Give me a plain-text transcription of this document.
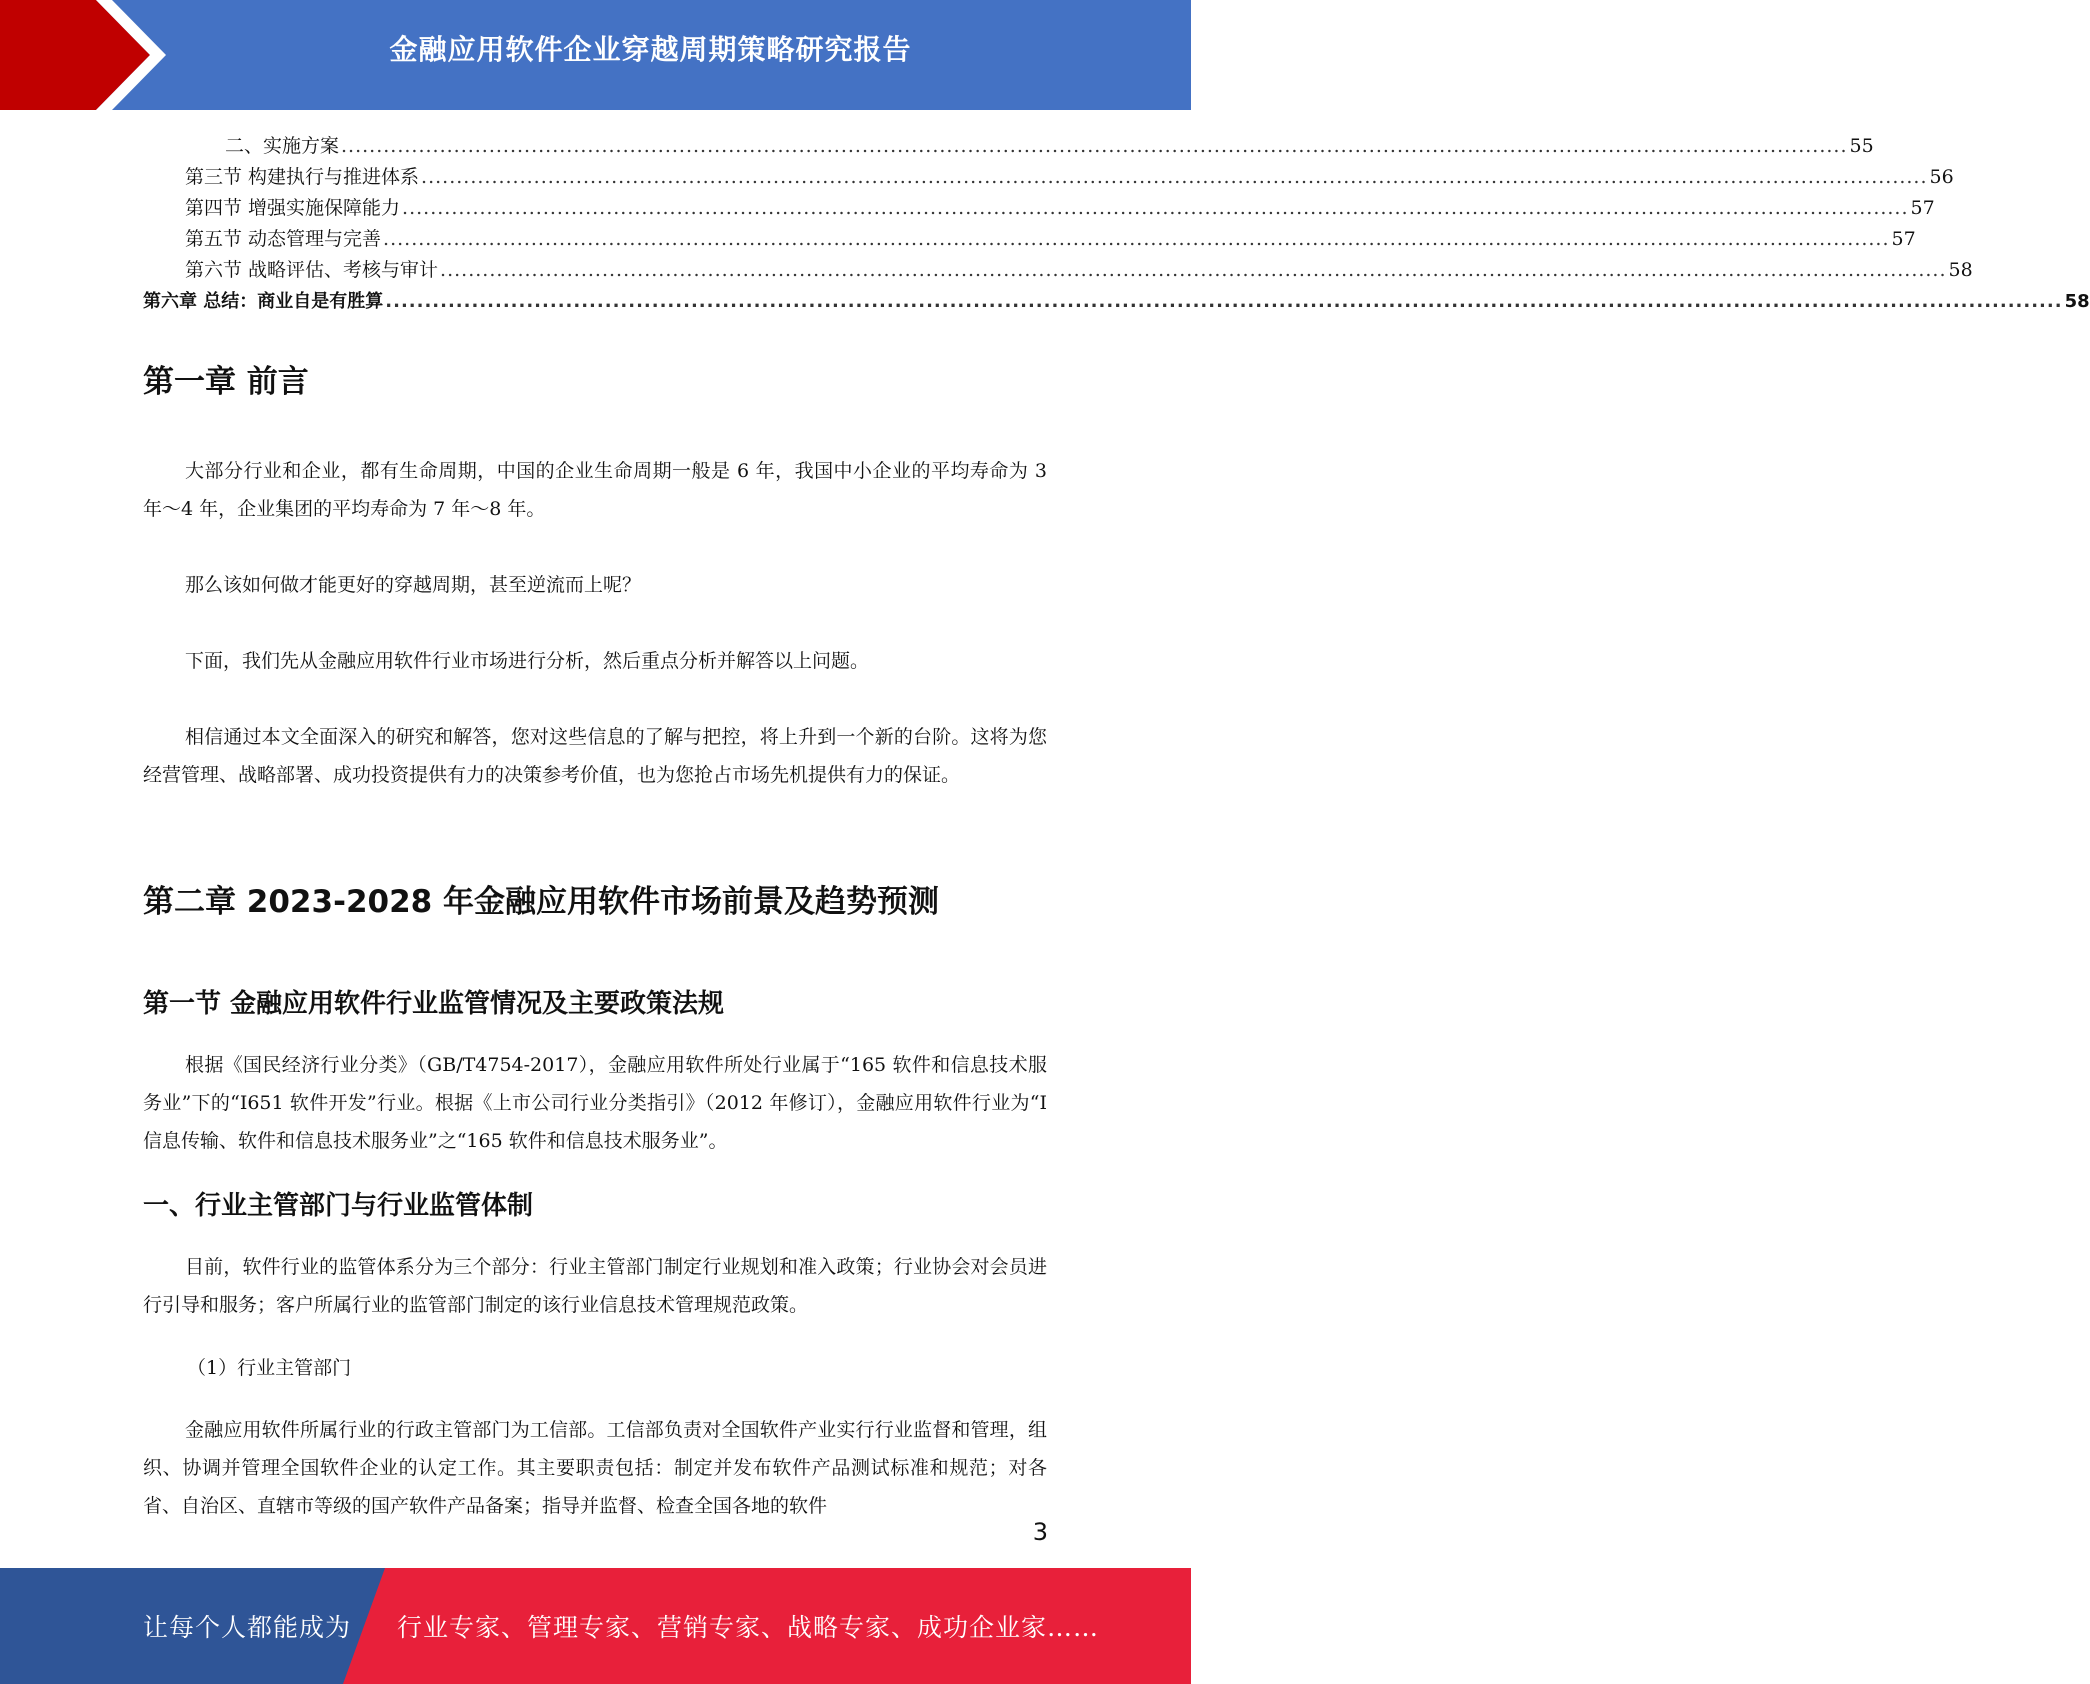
金融应用软件企业穿越周期策略研究报告
二、实施方案 ...................................................................................................................................................................................................................... 55
第三节 构建执行与推进体系 ...................................................................................................................................................................................................................... 56
第四节 增强实施保障能力 ...................................................................................................................................................................................................................... 57
第五节 动态管理与完善 ...................................................................................................................................................................................................................... 57
第六节 战略评估、考核与审计 ...................................................................................................................................................................................................................... 58
第六章 总结：商业自是有胜算 ...................................................................................................................................................................................................................... 58
第一章 前言

大部分行业和企业，都有生命周期，中国的企业生命周期一般是 6 年，我国中小企业的平均寿命为 3 年～4 年，企业集团的平均寿命为 7 年～8 年。

那么该如何做才能更好的穿越周期，甚至逆流而上呢？

下面，我们先从金融应用软件行业市场进行分析，然后重点分析并解答以上问题。

相信通过本文全面深入的研究和解答，您对这些信息的了解与把控，将上升到一个新的台阶。这将为您经营管理、战略部署、成功投资提供有力的决策参考价值，也为您抢占市场先机提供有力的保证。

第二章 2023-2028 年金融应用软件市场前景及趋势预测
第一节 金融应用软件行业监管情况及主要政策法规

根据《国民经济行业分类》（GB/T4754-2017），金融应用软件所处行业属于“165 软件和信息技术服务业”下的“I651 软件开发”行业。根据《上市公司行业分类指引》（2012 年修订），金融应用软件行业为“I 信息传输、软件和信息技术服务业”之“165 软件和信息技术服务业”。

一、行业主管部门与行业监管体制

目前，软件行业的监管体系分为三个部分：行业主管部门制定行业规划和准入政策；行业协会对会员进行引导和服务；客户所属行业的监管部门制定的该行业信息技术管理规范政策。

（1）行业主管部门

金融应用软件所属行业的行政主管部门为工信部。工信部负责对全国软件产业实行行业监督和管理，组织、协调并管理全国软件企业的认定工作。其主要职责包括：制定并发布软件产品测试标准和规范；对各省、自治区、直辖市等级的国产软件产品备案；指导并监督、检查全国各地的软件

3
让每个人都能成为 行业专家、管理专家、营销专家、战略专家、成功企业家……
